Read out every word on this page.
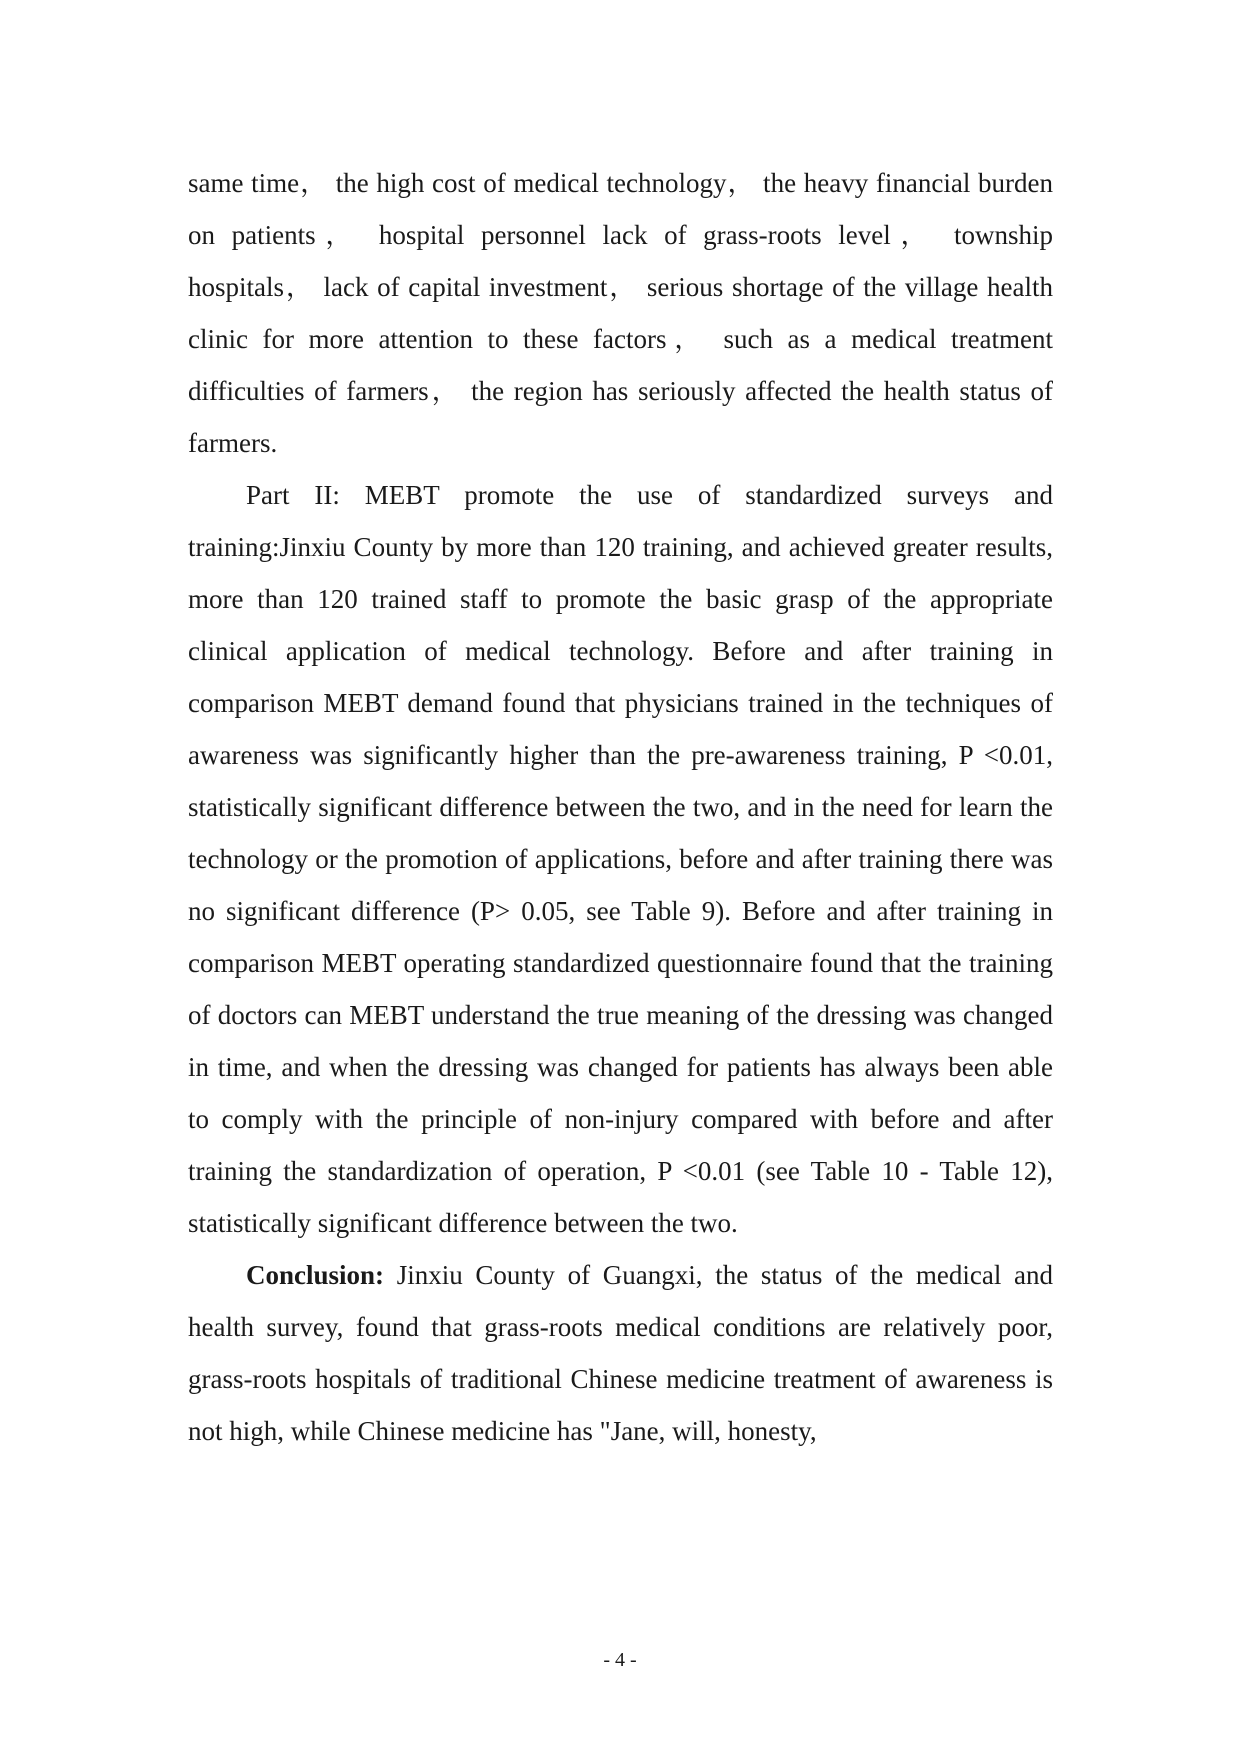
same time， the high cost of medical technology， the heavy financial burden on patients， hospital personnel lack of grass-roots level， township hospitals， lack of capital investment， serious shortage of the village health clinic for more attention to these factors， such as a medical treatment difficulties of farmers， the region has seriously affected the health status of farmers.

Part II: MEBT promote the use of standardized surveys and training:Jinxiu County by more than 120 training, and achieved greater results, more than 120 trained staff to promote the basic grasp of the appropriate clinical application of medical technology. Before and after training in comparison MEBT demand found that physicians trained in the techniques of awareness was significantly higher than the pre-awareness training, P <0.01, statistically significant difference between the two, and in the need for learn the technology or the promotion of applications, before and after training there was no significant difference (P> 0.05, see Table 9). Before and after training in comparison MEBT operating standardized questionnaire found that the training of doctors can MEBT understand the true meaning of the dressing was changed in time, and when the dressing was changed for patients has always been able to comply with the principle of non-injury compared with before and after training the standardization of operation, P <0.01 (see Table 10 - Table 12), statistically significant difference between the two.

Conclusion: Jinxiu County of Guangxi, the status of the medical and health survey, found that grass-roots medical conditions are relatively poor, grass-roots hospitals of traditional Chinese medicine treatment of awareness is not high, while Chinese medicine has "Jane, will, honesty,

- 4 -
